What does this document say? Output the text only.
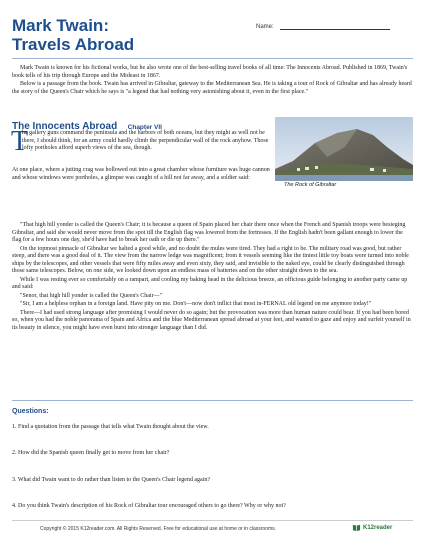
Mark Twain:
Travels Abroad
Name:

Mark Twain is known for his fictional works, but he also wrote one of the best-selling travel books of all time: The Innocents Abroad. Published in 1869, Twain's book tells of his trip through Europe and the Mideast in 1867.

Below is a passage from the book. Twain has arrived in Gibraltar, gateway to the Mediterranean Sea. He is taking a tour of Rock of Gibraltar and has already heard the story of the Queen's Chair which he says is "a legend that had nothing very astonishing about it, even in the first place."

The Innocents Abroad Chapter VII
The Rock of Gibraltar
T
he gallery guns command the peninsula and the harbors of both oceans, but they might as well not be there, I should think, for an army could hardly climb the perpendicular wall of the rock anyhow. Those lofty portholes afford superb views of the sea, though.
At one place, where a jutting crag was hollowed out into a great chamber whose furniture was huge cannon and whose windows were portholes, a glimpse was caught of a hill not far away, and a soldier said:

"That high hill yonder is called the Queen's Chair; it is because a queen of Spain placed her chair there once when the French and Spanish troops were besieging Gibraltar, and said she would never move from the spot till the English flag was lowered from the fortresses. If the English hadn't been gallant enough to lower the flag for a few hours one day, she'd have had to break her oath or die up there."

On the topmost pinnacle of Gibraltar we halted a good while, and no doubt the mules were tired. They had a right to be. The military road was good, but rather steep, and there was a good deal of it. The view from the narrow ledge was magnificent; from it vessels seeming like the tiniest little toy boats were turned into noble ships by the telescopes, and other vessels that were fifty miles away and even sixty, they said, and invisible to the naked eye, could be clearly distinguished through those same telescopes. Below, on one side, we looked down upon an endless mass of batteries and on the other straight down to the sea.

While I was resting ever so comfortably on a rampart, and cooling my baking head in the delicious breeze, an officious guide belonging to another party came up and said:

"Senor, that high hill yonder is called the Queen's Chair—"

"Sir, I am a helpless orphan in a foreign land. Have pity on me. Don't—now don't inflict that most in-FERNAL old legend on me anymore today!"

There—I had used strong language after promising I would never do so again; but the provocation was more than human nature could bear. If you had been bored so, when you had the noble panorama of Spain and Africa and the blue Mediterranean spread abroad at your feet, and wanted to gaze and enjoy and surfeit yourself in its beauty in silence, you might have even burst into stronger language than I did.

Questions:
1. Find a quotation from the passage that tells what Twain thought about the view.
2. How did the Spanish queen finally get to move from her chair?
3. What did Twain want to do rather than listen to the Queen's Chair legend again?
4. Do you think Twain's description of his Rock of Gibraltar tour encouraged others to go there? Why or why not?
Copyright © 2015 K12reader.com. All Rights Reserved. Free for educational use at home or in classrooms.	K12reader
